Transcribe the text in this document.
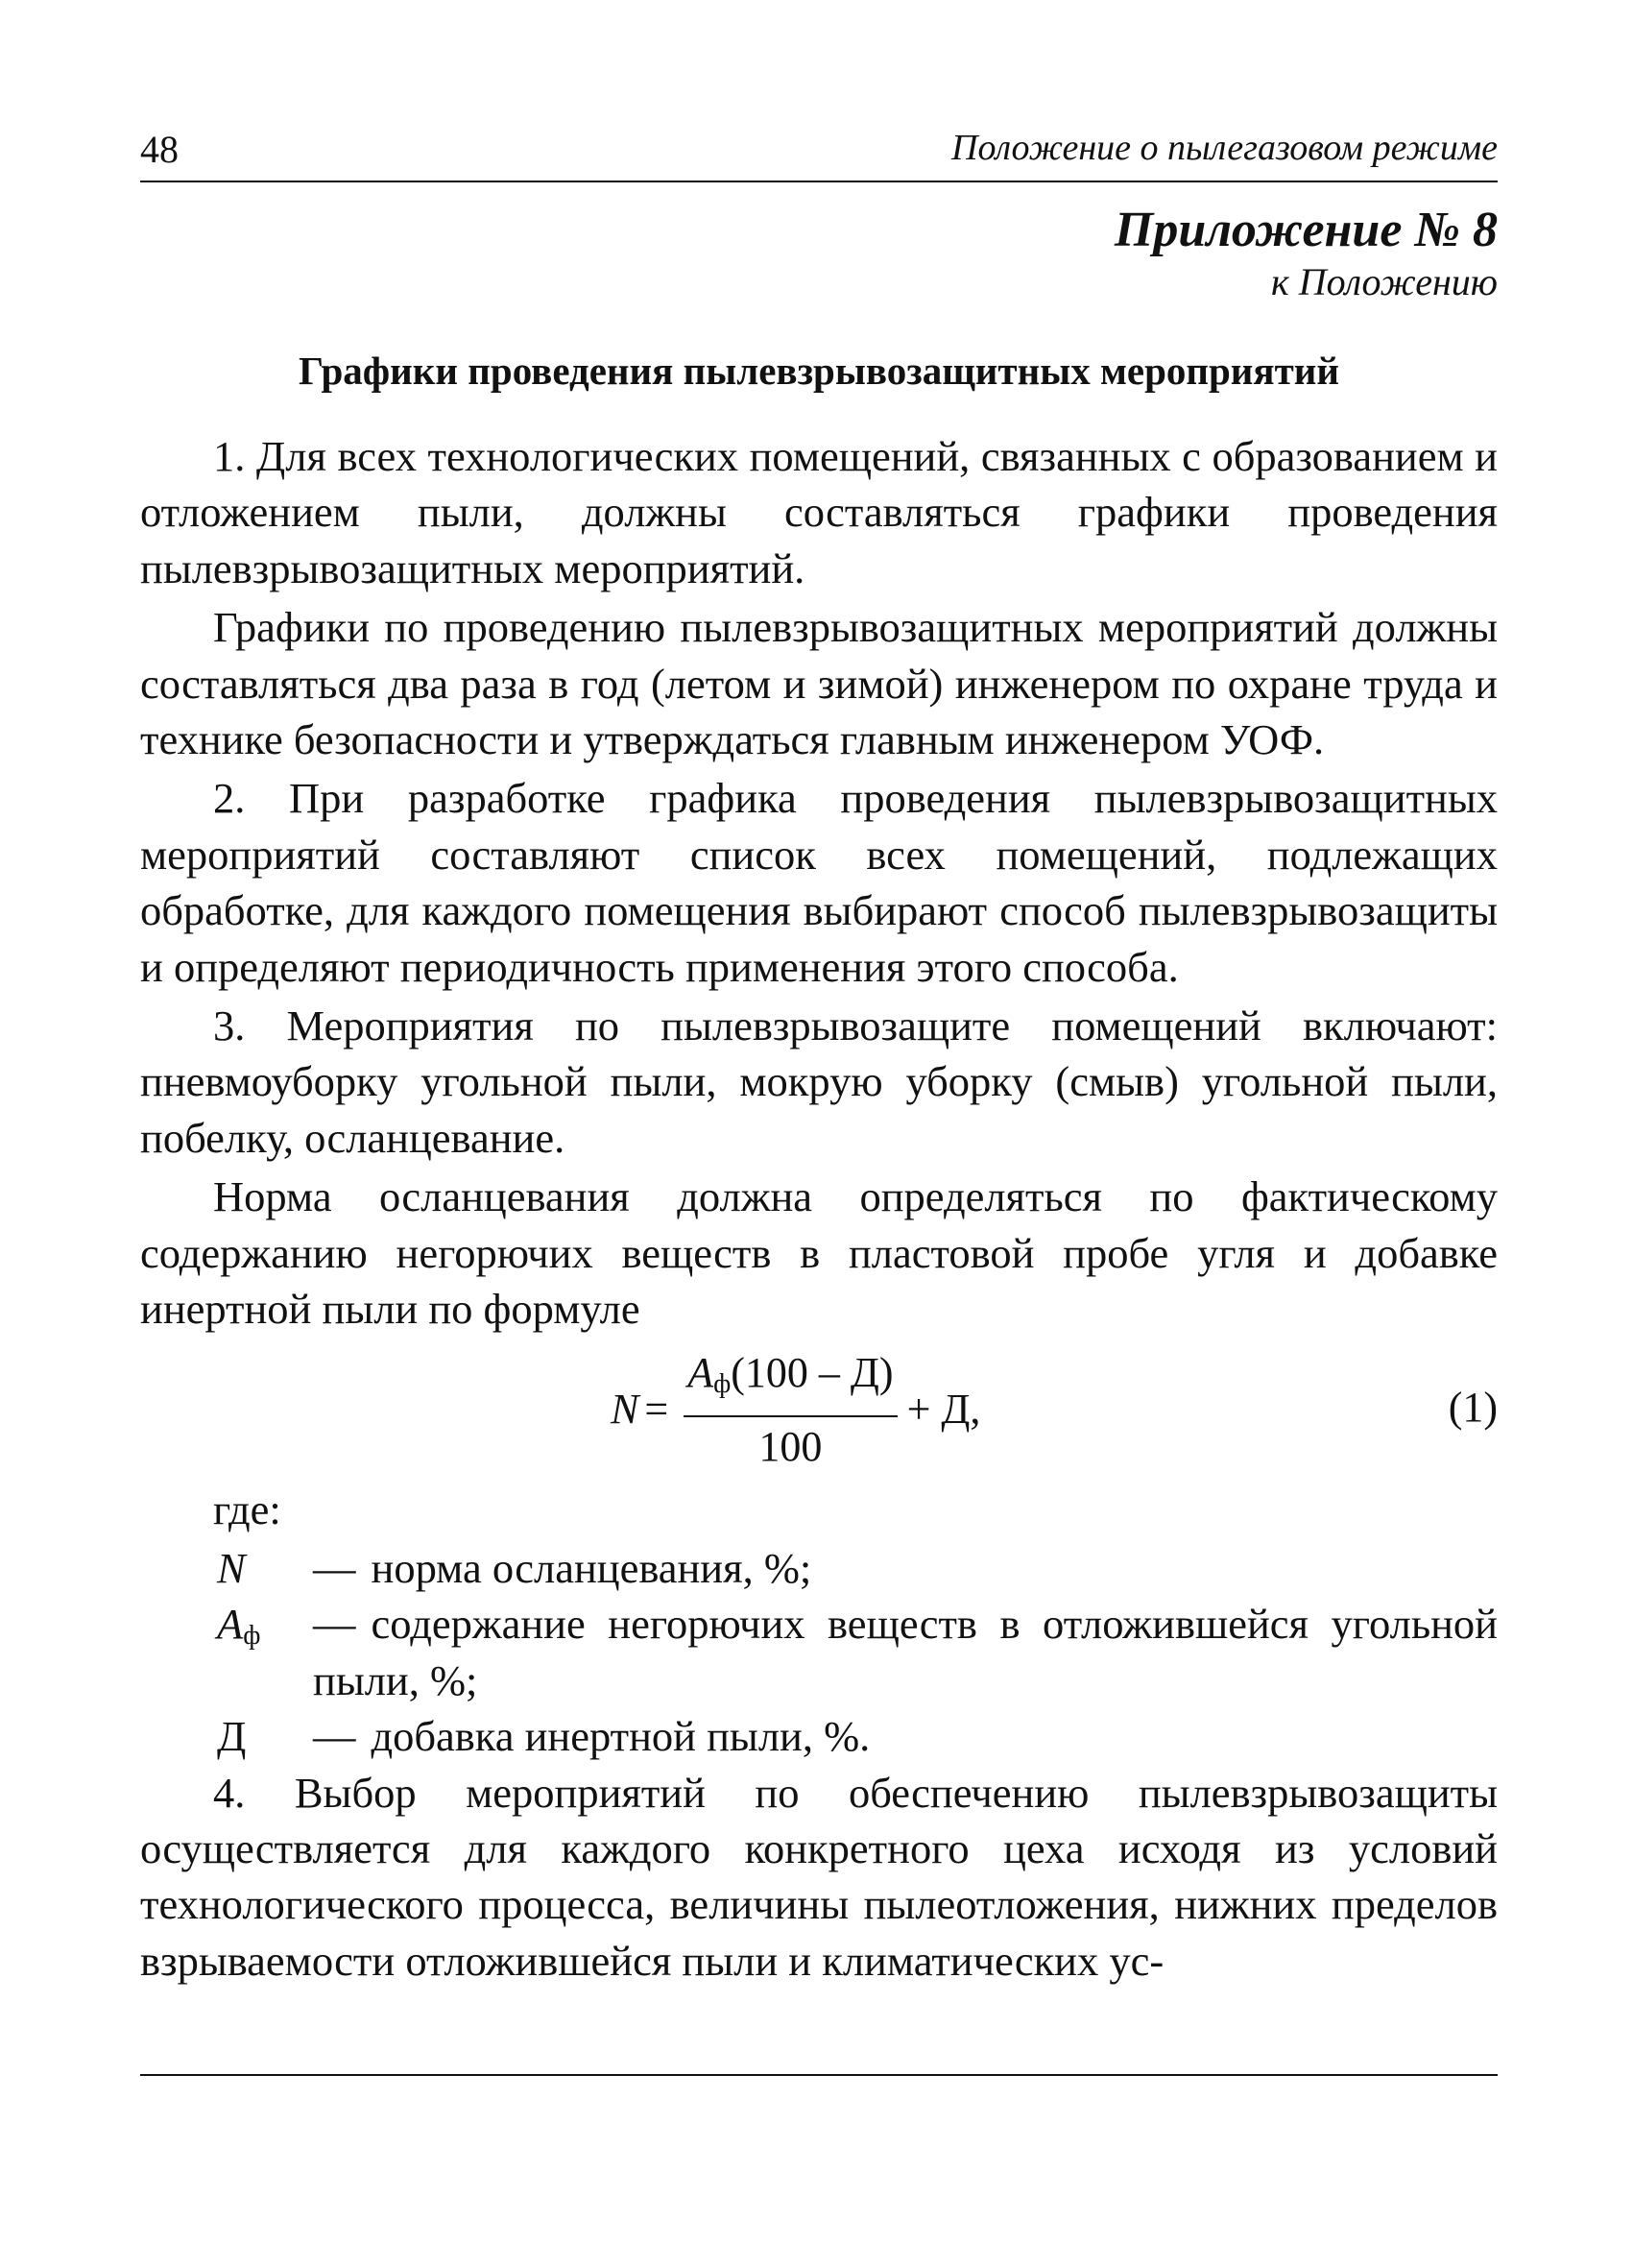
48	Положение о пылегазовом режиме
Приложение № 8
к Положению
Графики проведения пылевзрывозащитных мероприятий

1. Для всех технологических помещений, связанных с образованием и отложением пыли, должны составляться графики проведения пылевзрывозащитных мероприятий.

Графики по проведению пылевзрывозащитных мероприятий должны составляться два раза в год (летом и зимой) инженером по охране труда и технике безопасности и утверждаться главным инженером УОФ.

2. При разработке графика проведения пылевзрывозащитных мероприятий составляют список всех помещений, подлежащих обработке, для каждого помещения выбирают способ пылевзрывозащиты и определяют периодичность применения этого способа.

3. Мероприятия по пылевзрывозащите помещений включают: пневмоуборку угольной пыли, мокрую уборку (смыв) угольной пыли, побелку, осланцевание.

Норма осланцевания должна определяться по фактическому содержанию негорючих веществ в пластовой пробе угля и добавке инертной пыли по формуле

$N = \frac{A_ф(100 - Д)}{100} + Д$,	(1)

где:

N	— норма осланцевания, %;
$A_ф$	— содержание негорючих веществ в отложившейся угольной пыли, %;
Д	— добавка инертной пыли, %.

4. Выбор мероприятий по обеспечению пылевзрывозащиты осуществляется для каждого конкретного цеха исходя из условий технологического процесса, величины пылеотложения, нижних пределов взрываемости отложившейся пыли и климатических ус-
